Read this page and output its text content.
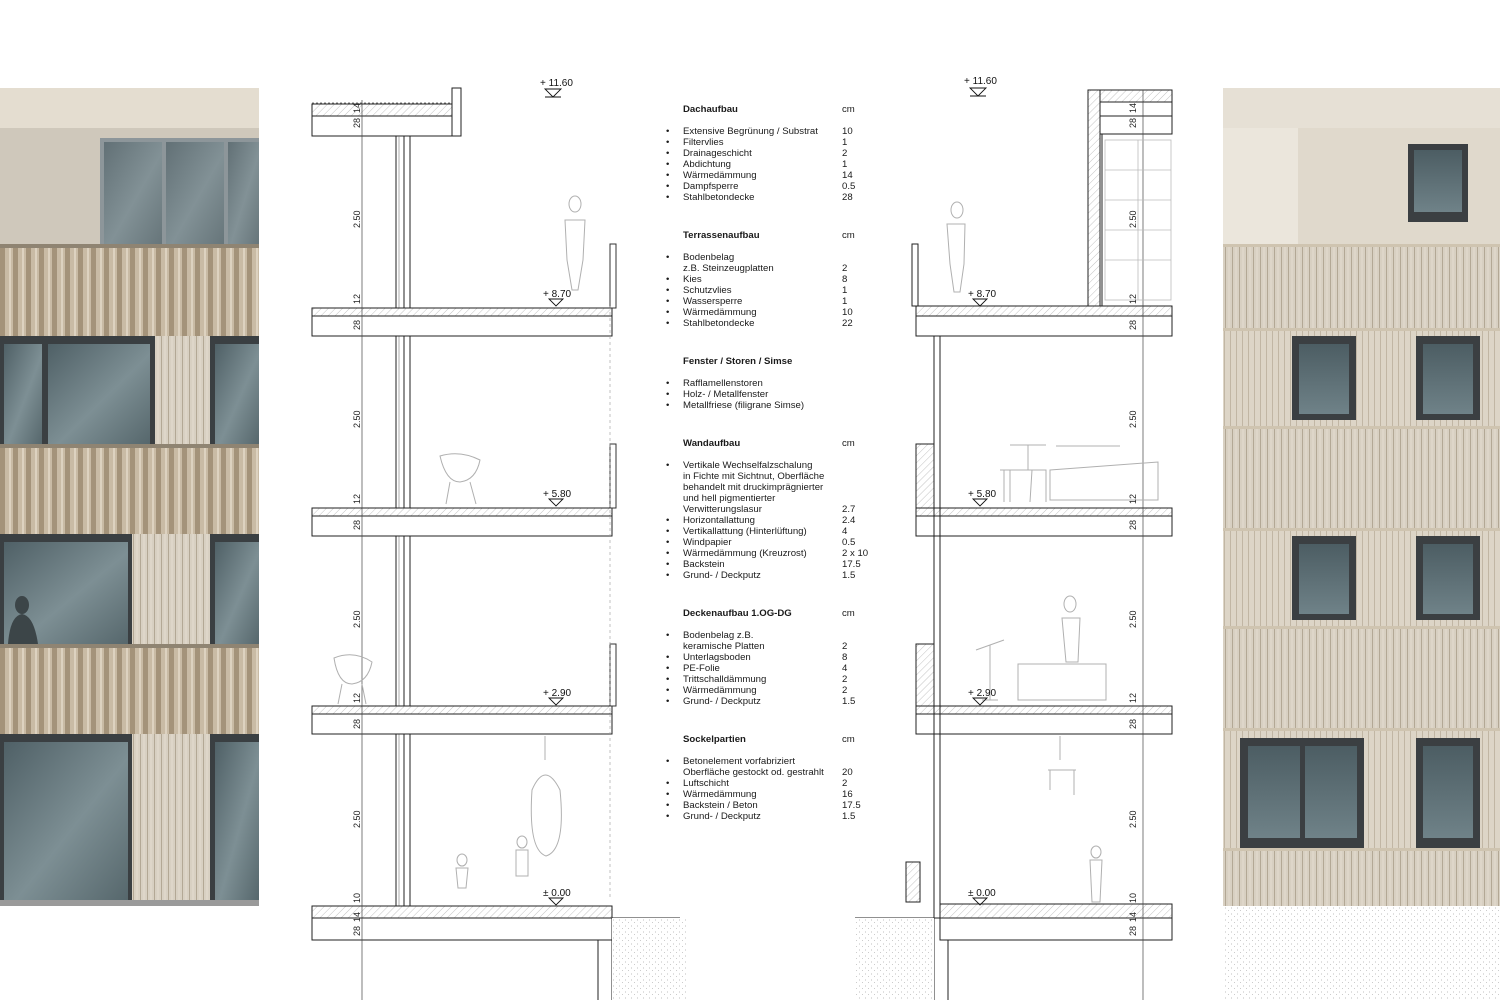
+ 11.60	+ 11.60
+ 8.70	+ 8.70
+ 5.80	+ 5.80
+ 2.90	+ 2.90
± 0.00	± 0.00
28
14
2.50
12
28
2.50
12
28
2.50
12
28
2.50
10
14
28
28
14
2.50
12
28
2.50
12
28
2.50
12
28
2.50
10
14
28
Dachaufbau	cm
•	Extensive Begrünung / Substrat	10
•	Filtervlies	1
•	Drainageschicht	2
•	Abdichtung	1
•	Wärmedämmung	14
•	Dampfsperre	0.5
•	Stahlbetondecke	28
Terrassenaufbau	cm
•	Bodenbelag
z.B. Steinzeugplatten	2
•	Kies	8
•	Schutzvlies	1
•	Wassersperre	1
•	Wärmedämmung	10
•	Stahlbetondecke	22
Fenster / Storen / Simse
•	Rafflamellenstoren
•	Holz- / Metallfenster
•	Metallfriese (filigrane Simse)
Wandaufbau	cm
•	Vertikale Wechselfalzschalung
in Fichte mit Sichtnut, Oberfläche
behandelt mit druckimprägnierter
und hell pigmentierter
Verwitterungslasur	2.7
•	Horizontallattung	2.4
•	Vertikallattung (Hinterlüftung)	4
•	Windpapier	0.5
•	Wärmedämmung (Kreuzrost)	2 x 10
•	Backstein	17.5
•	Grund- / Deckputz	1.5
Deckenaufbau 1.OG-DG	cm
•	Bodenbelag z.B.
keramische Platten	2
•	Unterlagsboden	8
•	PE-Folie	4
•	Trittschalldämmung	2
•	Wärmedämmung	2
•	Grund- / Deckputz	1.5
Sockelpartien	cm
•	Betonelement vorfabriziert
Oberfläche gestockt od. gestrahlt	20
•	Luftschicht	2
•	Wärmedämmung	16
•	Backstein / Beton	17.5
•	Grund- / Deckputz	1.5
